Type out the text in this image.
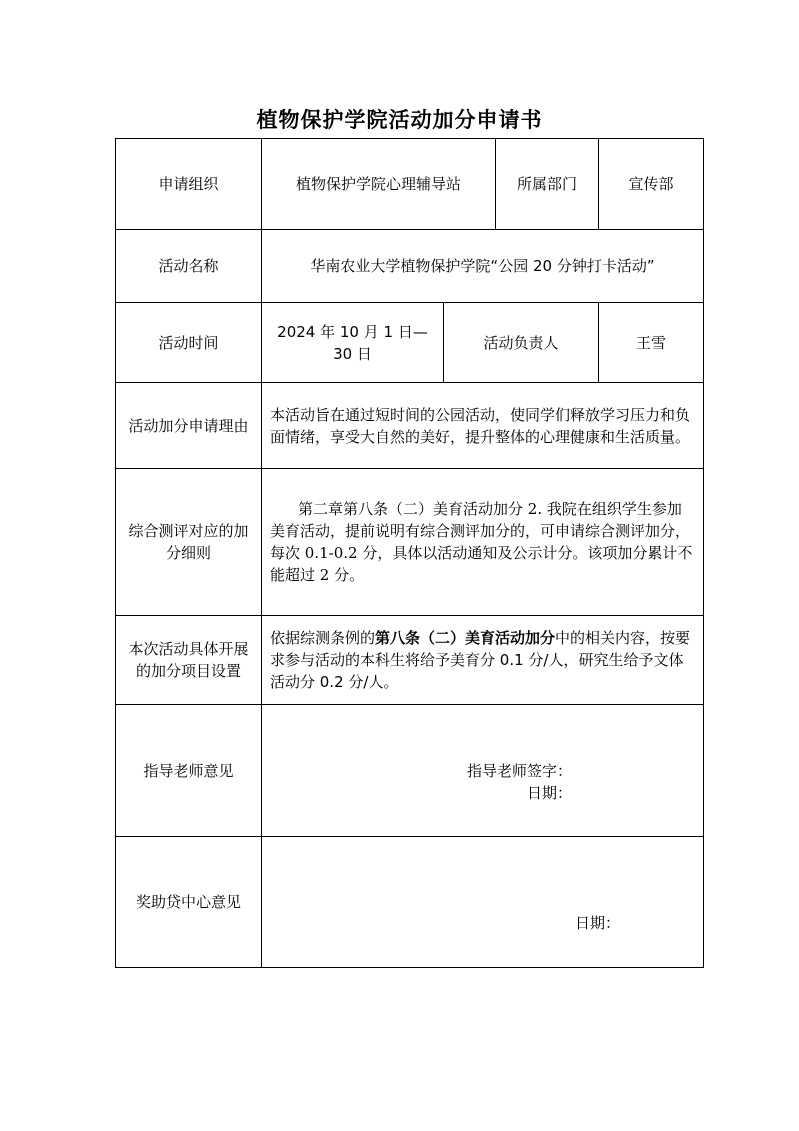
植物保护学院活动加分申请书
申请组织	植物保护学院心理辅导站		所属部门	宣传部
活动名称	华南农业大学植物保护学院“公园 20 分钟打卡活动”			
活动时间	2024 年 10 月 1 日—30 日	活动负责人		王雪
活动加分申请理由	本活动旨在通过短时间的公园活动，使同学们释放学习压力和负面情绪，享受大自然的美好，提升整体的心理健康和生活质量。			
综合测评对应的加分细则	第二章第八条（二）美育活动加分 2. 我院在组织学生参加美育活动，提前说明有综合测评加分的，可申请综合测评加分，每次 0.1-0.2 分，具体以活动通知及公示计分。该项加分累计不能超过 2 分。			

本次活动具体开展的加分项目设置	依据综测条例的第八条（二）美育活动加分中的相关内容，按要求参与活动的本科生将给予美育分 0.1 分/人，研究生给予文体活动分 0.2 分/人。			
指导老师意见	指导老师签字：
日期：			

奖助贷中心意见	日期：			
